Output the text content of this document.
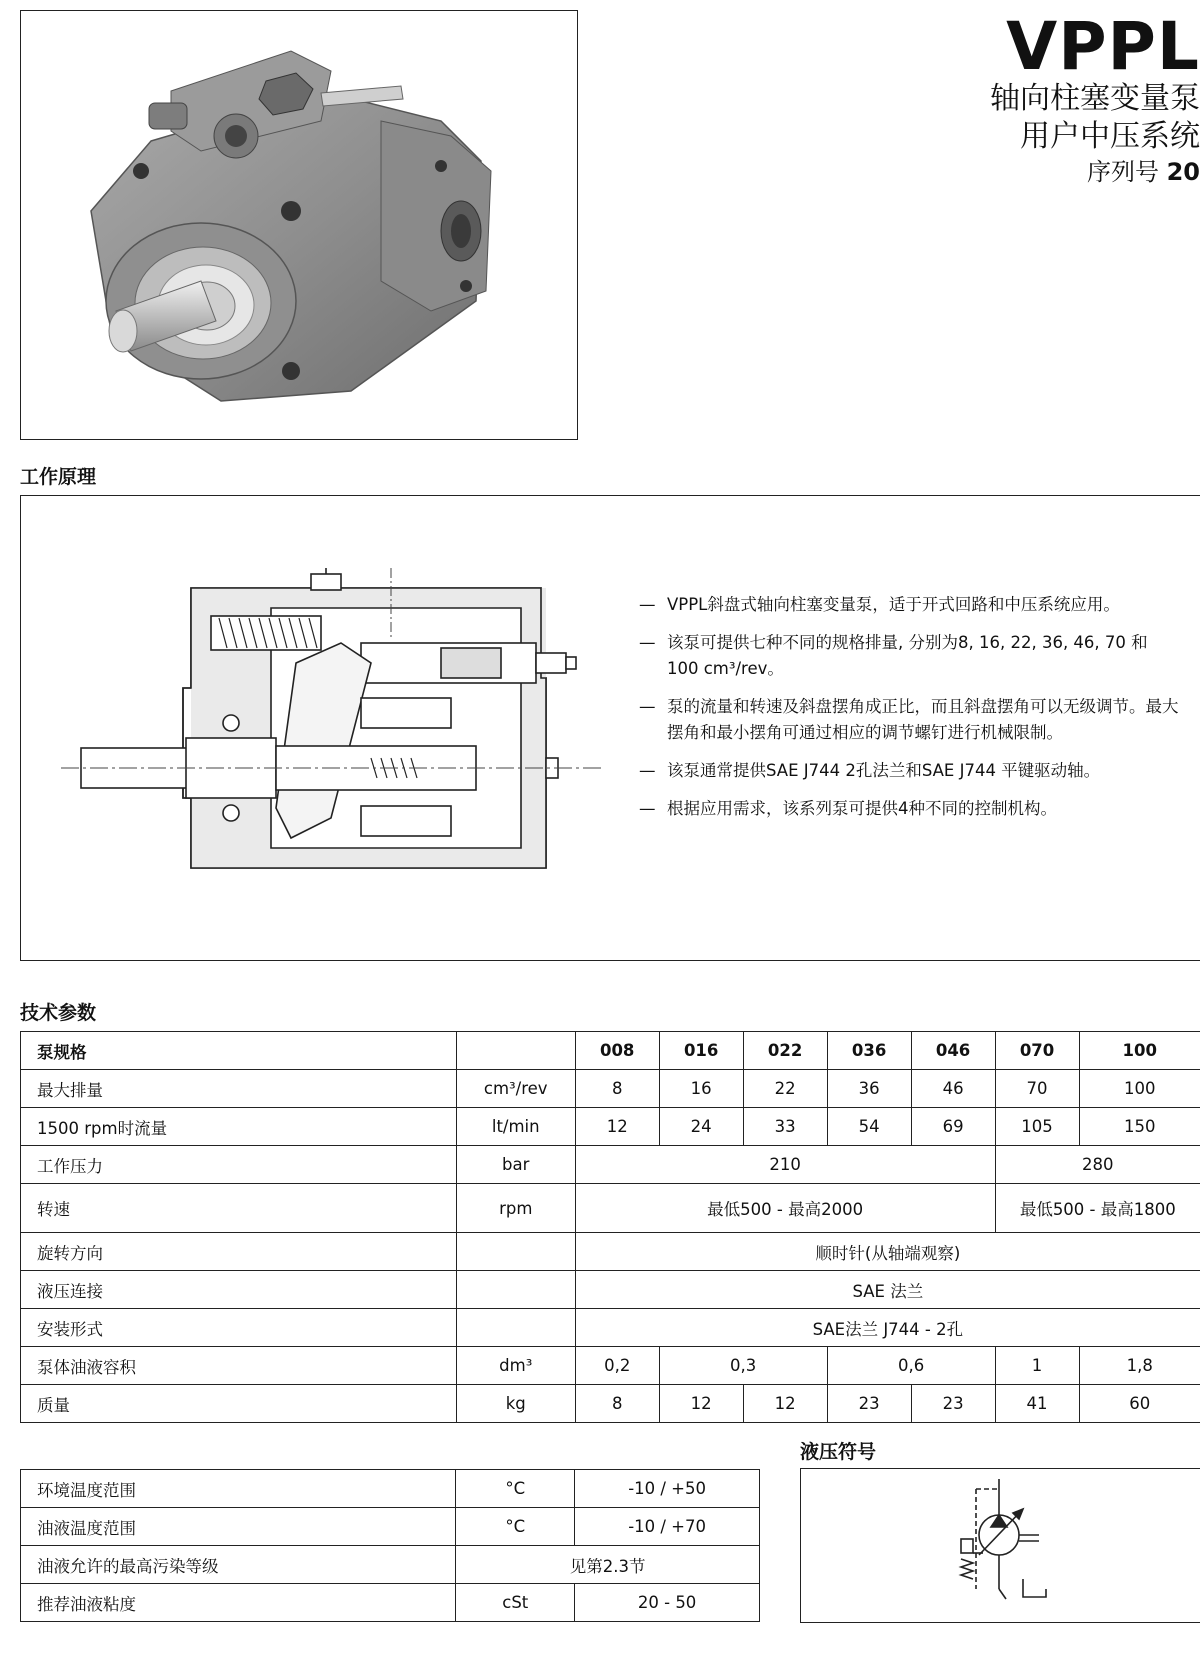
VPPL
轴向柱塞变量泵
用户中压系统
序列号 20
工作原理
— VPPL斜盘式轴向柱塞变量泵，适于开式回路和中压系统应用。
— 该泵可提供七种不同的规格排量, 分别为8, 16, 22, 36, 46, 70 和100 cm³/rev。
— 泵的流量和转速及斜盘摆角成正比，而且斜盘摆角可以无级调节。最大摆角和最小摆角可通过相应的调节螺钉进行机械限制。
— 该泵通常提供SAE J744 2孔法兰和SAE J744 平键驱动轴。
— 根据应用需求，该系列泵可提供4种不同的控制机构。
技术参数
泵规格		008	016	022	036	046	070	100
最大排量	cm³/rev	8	16	22	36	46	70	100
1500 rpm时流量	lt/min	12	24	33	54	69	105	150
工作压力	bar	210					280	
转速	rpm	最低500 - 最高2000					最低500 - 最高1800	
旋转方向		顺时针(从轴端观察)						
液压连接		SAE 法兰						
安装形式		SAE法兰 J744 - 2孔						
泵体油液容积	dm³	0,2	0,3		0,6		1	1,8
质量	kg	8	12	12	23	23	41	60
环境温度范围	°C	-10 / +50
油液温度范围	°C	-10 / +70
油液允许的最高污染等级	见第2.3节	
推荐油液粘度	cSt	20 - 50
液压符号
